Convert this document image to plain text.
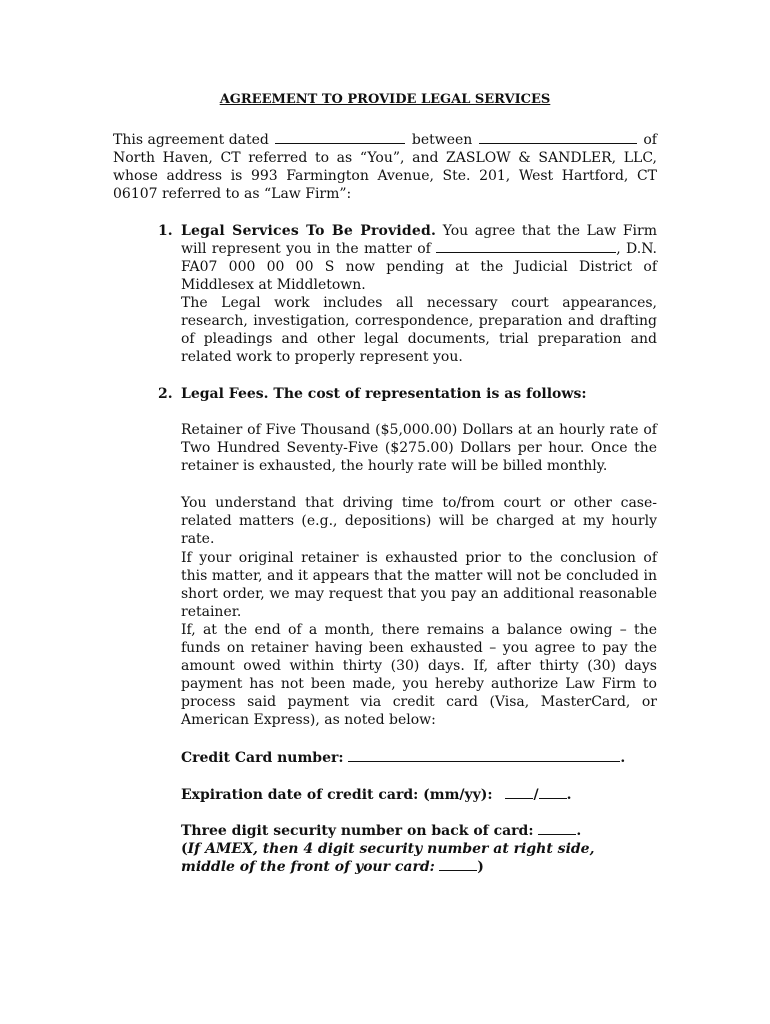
AGREEMENT TO PROVIDE LEGAL SERVICES
This agreement dated	between	of
North Haven, CT referred to as “You”, and ZASLOW & SANDLER, LLC, whose address is 993 Farmington Avenue, Ste. 201, West Hartford, CT 06107 referred to as “Law Firm”:
1. Legal Services To Be Provided. You agree that the Law Firm will represent you in the matter of	, D.N. FA07 000 00 00 S now pending at the Judicial District of Middlesex at Middletown.
The Legal work includes all necessary court appearances, research, investigation, correspondence, preparation and drafting of pleadings and other legal documents, trial preparation and related work to properly represent you.
2. Legal Fees. The cost of representation is as follows:
Retainer of Five Thousand ($5,000.00) Dollars at an hourly rate of Two Hundred Seventy-Five ($275.00) Dollars per hour. Once the retainer is exhausted, the hourly rate will be billed monthly.
You understand that driving time to/from court or other case-related matters (e.g., depositions) will be charged at my hourly rate.
If your original retainer is exhausted prior to the conclusion of this matter, and it appears that the matter will not be concluded in short order, we may request that you pay an additional reasonable retainer.
If, at the end of a month, there remains a balance owing – the funds on retainer having been exhausted – you agree to pay the amount owed within thirty (30) days. If, after thirty (30) days payment has not been made, you hereby authorize Law Firm to process said payment via credit card (Visa, MasterCard, or American Express), as noted below:
Credit Card number:	.
Expiration date of credit card: (mm/yy):	/ .
Three digit security number on back of card:	.
(If AMEX, then 4 digit security number at right side, middle of the front of your card:	)
